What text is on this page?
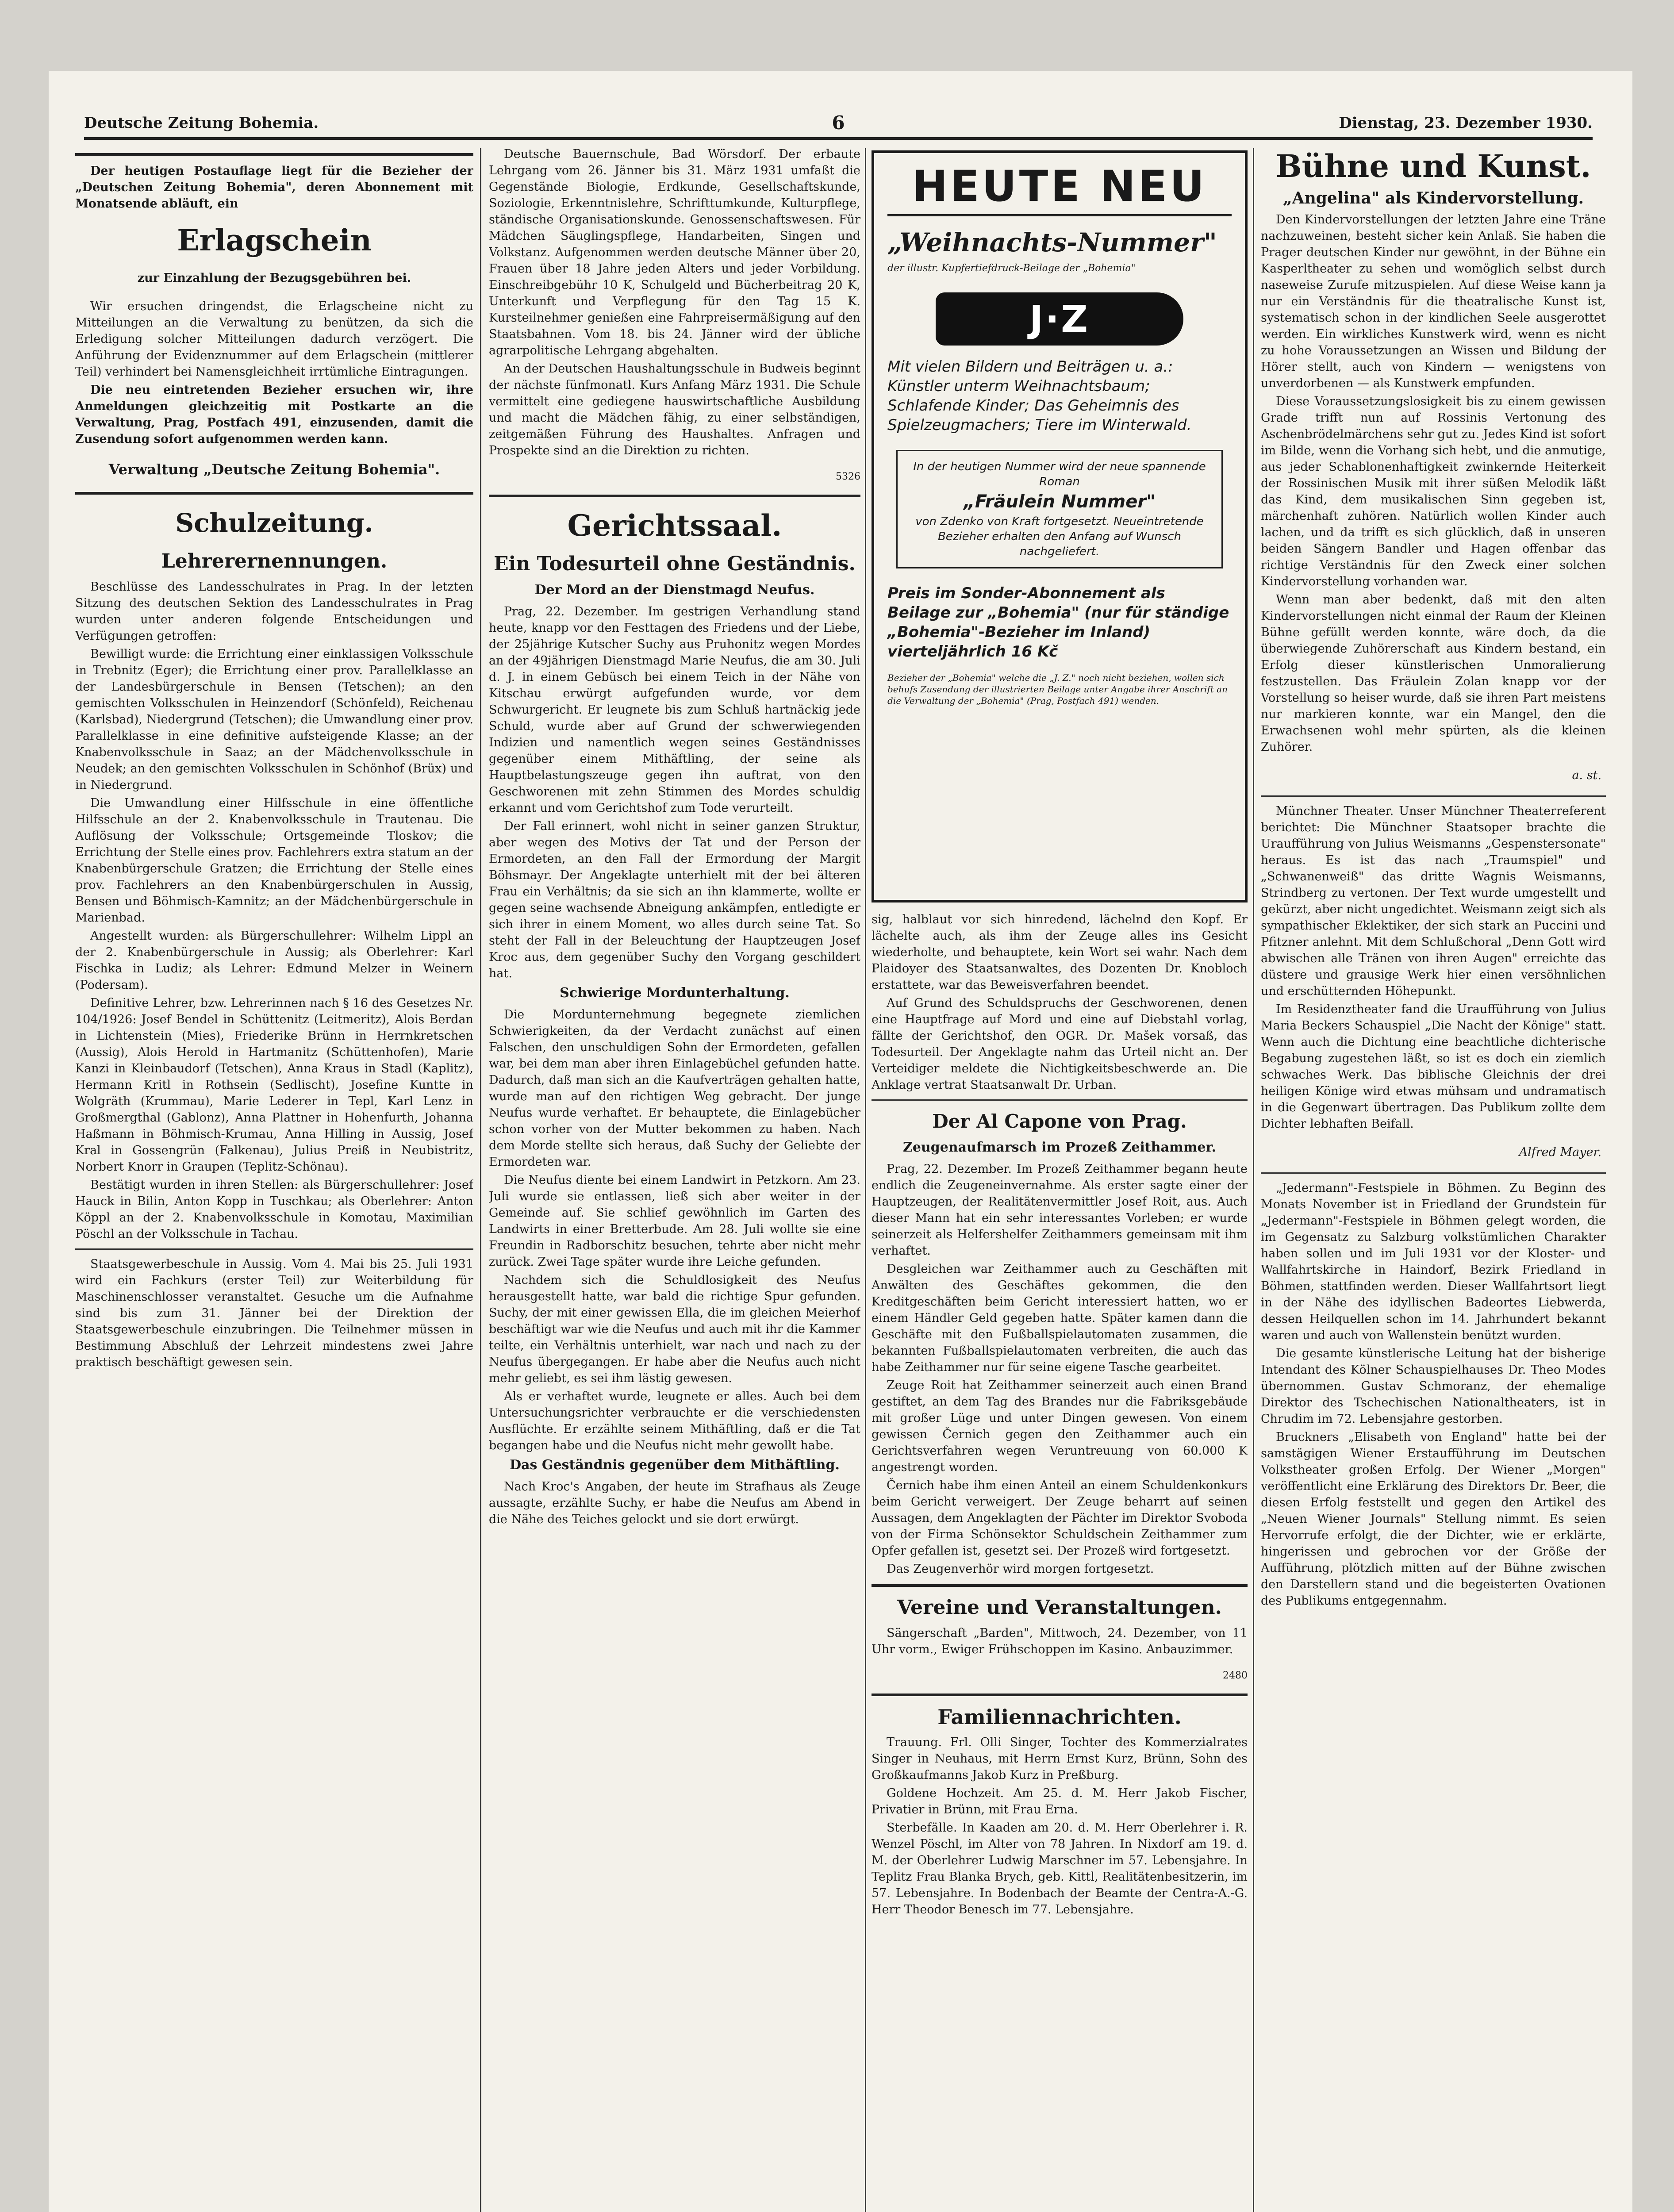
Deutsche Zeitung Bohemia.	6	Dienstag, 23. Dezember 1930.

Der heutigen Postauflage liegt für die Bezieher der „Deutschen Zeitung Bohemia", deren Abonnement mit Monatsende abläuft, ein

Erlagschein

zur Einzahlung der Bezugsgebühren bei.

Wir ersuchen dringendst, die Erlagscheine nicht zu Mitteilungen an die Verwaltung zu benützen, da sich die Erledigung solcher Mitteilungen dadurch verzögert. Die Anführung der Evidenznummer auf dem Erlagschein (mittlerer Teil) verhindert bei Namensgleichheit irrtümliche Eintragungen.

Die neu eintretenden Bezieher ersuchen wir, ihre Anmeldungen gleichzeitig mit Postkarte an die Verwaltung, Prag, Postfach 491, einzusenden, damit die Zusendung sofort aufgenommen werden kann.

Verwaltung „Deutsche Zeitung Bohemia".

Schulzeitung.
Lehrerernennungen.

Beschlüsse des Landesschulrates in Prag. In der letzten Sitzung des deutschen Sektion des Landesschulrates in Prag wurden unter anderen folgende Entscheidungen und Verfügungen getroffen:

Bewilligt wurde: die Errichtung einer einklassigen Volksschule in Trebnitz (Eger); die Errichtung einer prov. Parallelklasse an der Landesbürgerschule in Bensen (Tetschen); an den gemischten Volksschulen in Heinzendorf (Schönfeld), Reichenau (Karlsbad), Niedergrund (Tetschen); die Umwandlung einer prov. Parallelklasse in eine definitive aufsteigende Klasse; an der Knabenvolksschule in Saaz; an der Mädchenvolksschule in Neudek; an den gemischten Volksschulen in Schönhof (Brüx) und in Niedergrund.

Die Umwandlung einer Hilfsschule in eine öffentliche Hilfsschule an der 2. Knabenvolksschule in Trautenau. Die Auflösung der Volksschule; Ortsgemeinde Tloskov; die Errichtung der Stelle eines prov. Fachlehrers extra statum an der Knabenbürgerschule Gratzen; die Errichtung der Stelle eines prov. Fachlehrers an den Knabenbürgerschulen in Aussig, Bensen und Böhmisch-Kamnitz; an der Mädchenbürgerschule in Marienbad.

Angestellt wurden: als Bürgerschullehrer: Wilhelm Lippl an der 2. Knabenbürgerschule in Aussig; als Oberlehrer: Karl Fischka in Ludiz; als Lehrer: Edmund Melzer in Weinern (Podersam).

Definitive Lehrer, bzw. Lehrerinnen nach § 16 des Gesetzes Nr. 104/1926: Josef Bendel in Schüttenitz (Leitmeritz), Alois Berdan in Lichtenstein (Mies), Friederike Brünn in Herrnkretschen (Aussig), Alois Herold in Hartmanitz (Schüttenhofen), Marie Kanzi in Kleinbaudorf (Tetschen), Anna Kraus in Stadl (Kaplitz), Hermann Kritl in Rothsein (Sedlischt), Josefine Kuntte in Wolgräth (Krummau), Marie Lederer in Tepl, Karl Lenz in Großmergthal (Gablonz), Anna Plattner in Hohenfurth, Johanna Haßmann in Böhmisch-Krumau, Anna Hilling in Aussig, Josef Kral in Gossengrün (Falkenau), Julius Preiß in Neubistritz, Norbert Knorr in Graupen (Teplitz-Schönau).

Bestätigt wurden in ihren Stellen: als Bürgerschullehrer: Josef Hauck in Bilin, Anton Kopp in Tuschkau; als Oberlehrer: Anton Köppl an der 2. Knabenvolksschule in Komotau, Maximilian Pöschl an der Volksschule in Tachau.

Staatsgewerbeschule in Aussig. Vom 4. Mai bis 25. Juli 1931 wird ein Fachkurs (erster Teil) zur Weiterbildung für Maschinenschlosser veranstaltet. Gesuche um die Aufnahme sind bis zum 31. Jänner bei der Direktion der Staatsgewerbeschule einzubringen. Die Teilnehmer müssen in Bestimmung Abschluß der Lehrzeit mindestens zwei Jahre praktisch beschäftigt gewesen sein.

Deutsche Bauernschule, Bad Wörsdorf. Der erbaute Lehrgang vom 26. Jänner bis 31. März 1931 umfaßt die Gegenstände Biologie, Erdkunde, Gesellschaftskunde, Soziologie, Erkenntnislehre, Schrifttumkunde, Kulturpflege, ständische Organisationskunde. Genossenschaftswesen. Für Mädchen Säuglingspflege, Handarbeiten, Singen und Volkstanz. Aufgenommen werden deutsche Männer über 20, Frauen über 18 Jahre jeden Alters und jeder Vorbildung. Einschreibgebühr 10 K, Schulgeld und Bücherbeitrag 20 K, Unterkunft und Verpflegung für den Tag 15 K. Kursteilnehmer genießen eine Fahrpreisermäßigung auf den Staatsbahnen. Vom 18. bis 24. Jänner wird der übliche agrarpolitische Lehrgang abgehalten.

An der Deutschen Haushaltungsschule in Budweis beginnt der nächste fünfmonatl. Kurs Anfang März 1931. Die Schule vermittelt eine gediegene hauswirtschaftliche Ausbildung und macht die Mädchen fähig, zu einer selbständigen, zeitgemäßen Führung des Haushaltes. Anfragen und Prospekte sind an die Direktion zu richten.

5326

Gerichtssaal.
Ein Todesurteil ohne Geständnis.
Der Mord an der Dienstmagd Neufus.

Prag, 22. Dezember. Im gestrigen Verhandlung stand heute, knapp vor den Festtagen des Friedens und der Liebe, der 25jährige Kutscher Suchy aus Pruhonitz wegen Mordes an der 49jährigen Dienstmagd Marie Neufus, die am 30. Juli d. J. in einem Gebüsch bei einem Teich in der Nähe von Kitschau erwürgt aufgefunden wurde, vor dem Schwurgericht. Er leugnete bis zum Schluß hartnäckig jede Schuld, wurde aber auf Grund der schwerwiegenden Indizien und namentlich wegen seines Geständnisses gegenüber einem Mithäftling, der seine als Hauptbelastungszeuge gegen ihn auftrat, von den Geschworenen mit zehn Stimmen des Mordes schuldig erkannt und vom Gerichtshof zum Tode verurteilt.

Der Fall erinnert, wohl nicht in seiner ganzen Struktur, aber wegen des Motivs der Tat und der Person der Ermordeten, an den Fall der Ermordung der Margit Böhsmayr. Der Angeklagte unterhielt mit der bei älteren Frau ein Verhältnis; da sie sich an ihn klammerte, wollte er gegen seine wachsende Abneigung ankämpfen, entledigte er sich ihrer in einem Moment, wo alles durch seine Tat. So steht der Fall in der Beleuchtung der Hauptzeugen Josef Kroc aus, dem gegenüber Suchy den Vorgang geschildert hat.

Schwierige Mordunterhaltung.

Die Mordunternehmung begegnete ziemlichen Schwierigkeiten, da der Verdacht zunächst auf einen Falschen, den unschuldigen Sohn der Ermordeten, gefallen war, bei dem man aber ihren Einlagebüchel gefunden hatte. Dadurch, daß man sich an die Kaufverträgen gehalten hatte, wurde man auf den richtigen Weg gebracht. Der junge Neufus wurde verhaftet. Er behauptete, die Einlagebücher schon vorher von der Mutter bekommen zu haben. Nach dem Morde stellte sich heraus, daß Suchy der Geliebte der Ermordeten war.

Die Neufus diente bei einem Landwirt in Petzkorn. Am 23. Juli wurde sie entlassen, ließ sich aber weiter in der Gemeinde auf. Sie schlief gewöhnlich im Garten des Landwirts in einer Bretterbude. Am 28. Juli wollte sie eine Freundin in Radborschitz besuchen, tehrte aber nicht mehr zurück. Zwei Tage später wurde ihre Leiche gefunden.

Nachdem sich die Schuldlosigkeit des Neufus herausgestellt hatte, war bald die richtige Spur gefunden. Suchy, der mit einer gewissen Ella, die im gleichen Meierhof beschäftigt war wie die Neufus und auch mit ihr die Kammer teilte, ein Verhältnis unterhielt, war nach und nach zu der Neufus übergegangen. Er habe aber die Neufus auch nicht mehr geliebt, es sei ihm lästig gewesen.

Als er verhaftet wurde, leugnete er alles. Auch bei dem Untersuchungsrichter verbrauchte er die verschiedensten Ausflüchte. Er erzählte seinem Mithäftling, daß er die Tat begangen habe und die Neufus nicht mehr gewollt habe.

Das Geständnis gegenüber dem Mithäftling.

Nach Kroc's Angaben, der heute im Strafhaus als Zeuge aussagte, erzählte Suchy, er habe die Neufus am Abend in die Nähe des Teiches gelockt und sie dort erwürgt.

HEUTE NEU
„Weihnachts-Nummer"
der illustr. Kupfertiefdruck-Beilage der „Bohemia"
J·Z
Mit vielen Bildern und Beiträgen u. a.: Künstler unterm Weihnachtsbaum; Schlafende Kinder; Das Geheimnis des Spielzeugmachers; Tiere im Winterwald.
In der heutigen Nummer wird der neue spannende Roman
„Fräulein Nummer"
von Zdenko von Kraft fortgesetzt. Neueintretende Bezieher erhalten den Anfang auf Wunsch nachgeliefert.
Preis im Sonder-Abonnement als Beilage zur „Bohemia" (nur für ständige „Bohemia"-Bezieher im Inland) vierteljährlich 16 Kč
Bezieher der „Bohemia" welche die „J. Z." noch nicht beziehen, wollen sich behufs Zusendung der illustrierten Beilage unter Angabe ihrer Anschrift an die Verwaltung der „Bohemia" (Prag, Postfach 491) wenden.

sig, halblaut vor sich hinredend, lächelnd den Kopf. Er lächelte auch, als ihm der Zeuge alles ins Gesicht wiederholte, und behauptete, kein Wort sei wahr. Nach dem Plaidoyer des Staatsanwaltes, des Dozenten Dr. Knobloch erstattete, war das Beweisverfahren beendet.

Auf Grund des Schuldspruchs der Geschworenen, denen eine Hauptfrage auf Mord und eine auf Diebstahl vorlag, fällte der Gerichtshof, den OGR. Dr. Mašek vorsaß, das Todesurteil. Der Angeklagte nahm das Urteil nicht an. Der Verteidiger meldete die Nichtigkeitsbeschwerde an. Die Anklage vertrat Staatsanwalt Dr. Urban.

Der Al Capone von Prag.
Zeugenaufmarsch im Prozeß Zeithammer.

Prag, 22. Dezember. Im Prozeß Zeithammer begann heute endlich die Zeugeneinvernahme. Als erster sagte einer der Hauptzeugen, der Realitätenvermittler Josef Roit, aus. Auch dieser Mann hat ein sehr interessantes Vorleben; er wurde seinerzeit als Helfershelfer Zeithammers gemeinsam mit ihm verhaftet.

Desgleichen war Zeithammer auch zu Geschäften mit Anwälten des Geschäftes gekommen, die den Kreditgeschäften beim Gericht interessiert hatten, wo er einem Händler Geld gegeben hatte. Später kamen dann die Geschäfte mit den Fußballspielautomaten zusammen, die bekannten Fußballspielautomaten verbreiten, die auch das habe Zeithammer nur für seine eigene Tasche gearbeitet.

Zeuge Roit hat Zeithammer seinerzeit auch einen Brand gestiftet, an dem Tag des Brandes nur die Fabriksgebäude mit großer Lüge und unter Dingen gewesen. Von einem gewissen Černich gegen den Zeithammer auch ein Gerichtsverfahren wegen Veruntreuung von 60.000 K angestrengt worden.

Černich habe ihm einen Anteil an einem Schuldenkonkurs beim Gericht verweigert. Der Zeuge beharrt auf seinen Aussagen, dem Angeklagten der Pächter im Direktor Svoboda von der Firma Schönsektor Schuldschein Zeithammer zum Opfer gefallen ist, gesetzt sei. Der Prozeß wird fortgesetzt.

Das Zeugenverhör wird morgen fortgesetzt.

Vereine und Veranstaltungen.

Sängerschaft „Barden", Mittwoch, 24. Dezember, von 11 Uhr vorm., Ewiger Frühschoppen im Kasino. Anbauzimmer.

2480

Familiennachrichten.

Trauung. Frl. Olli Singer, Tochter des Kommerzialrates Singer in Neuhaus, mit Herrn Ernst Kurz, Brünn, Sohn des Großkaufmanns Jakob Kurz in Preßburg.

Goldene Hochzeit. Am 25. d. M. Herr Jakob Fischer, Privatier in Brünn, mit Frau Erna.

Sterbefälle. In Kaaden am 20. d. M. Herr Oberlehrer i. R. Wenzel Pöschl, im Alter von 78 Jahren. In Nixdorf am 19. d. M. der Oberlehrer Ludwig Marschner im 57. Lebensjahre. In Teplitz Frau Blanka Brych, geb. Kittl, Realitätenbesitzerin, im 57. Lebensjahre. In Bodenbach der Beamte der Centra-A.-G. Herr Theodor Benesch im 77. Lebensjahre.

Bühne und Kunst.
„Angelina" als Kindervorstellung.

Den Kindervorstellungen der letzten Jahre eine Träne nachzuweinen, besteht sicher kein Anlaß. Sie haben die Prager deutschen Kinder nur gewöhnt, in der Bühne ein Kasperltheater zu sehen und womöglich selbst durch naseweise Zurufe mitzuspielen. Auf diese Weise kann ja nur ein Verständnis für die theatralische Kunst ist, systematisch schon in der kindlichen Seele ausgerottet werden. Ein wirkliches Kunstwerk wird, wenn es nicht zu hohe Voraussetzungen an Wissen und Bildung der Hörer stellt, auch von Kindern — wenigstens von unverdorbenen — als Kunstwerk empfunden.

Diese Voraussetzungslosigkeit bis zu einem gewissen Grade trifft nun auf Rossinis Vertonung des Aschenbrödelmärchens sehr gut zu. Jedes Kind ist sofort im Bilde, wenn die Vorhang sich hebt, und die anmutige, aus jeder Schablonenhaftigkeit zwinkernde Heiterkeit der Rossinischen Musik mit ihrer süßen Melodik läßt das Kind, dem musikalischen Sinn gegeben ist, märchenhaft zuhören. Natürlich wollen Kinder auch lachen, und da trifft es sich glücklich, daß in unseren beiden Sängern Bandler und Hagen offenbar das richtige Verständnis für den Zweck einer solchen Kindervorstellung vorhanden war.

Wenn man aber bedenkt, daß mit den alten Kindervorstellungen nicht einmal der Raum der Kleinen Bühne gefüllt werden konnte, wäre doch, da die überwiegende Zuhörerschaft aus Kindern bestand, ein Erfolg dieser künstlerischen Unmoralierung festzustellen. Das Fräulein Zolan knapp vor der Vorstellung so heiser wurde, daß sie ihren Part meistens nur markieren konnte, war ein Mangel, den die Erwachsenen wohl mehr spürten, als die kleinen Zuhörer.

a. st.

Münchner Theater. Unser Münchner Theaterreferent berichtet: Die Münchner Staatsoper brachte die Uraufführung von Julius Weismanns „Gespenstersonate" heraus. Es ist das nach „Traumspiel" und „Schwanenweiß" das dritte Wagnis Weismanns, Strindberg zu vertonen. Der Text wurde umgestellt und gekürzt, aber nicht ungedichtet. Weismann zeigt sich als sympathischer Eklektiker, der sich stark an Puccini und Pfitzner anlehnt. Mit dem Schlußchoral „Denn Gott wird abwischen alle Tränen von ihren Augen" erreichte das düstere und grausige Werk hier einen versöhnlichen und erschütternden Höhepunkt.

Im Residenztheater fand die Uraufführung von Julius Maria Beckers Schauspiel „Die Nacht der Könige" statt. Wenn auch die Dichtung eine beachtliche dichterische Begabung zugestehen läßt, so ist es doch ein ziemlich schwaches Werk. Das biblische Gleichnis der drei heiligen Könige wird etwas mühsam und undramatisch in die Gegenwart übertragen. Das Publikum zollte dem Dichter lebhaften Beifall.

Alfred Mayer.

„Jedermann"-Festspiele in Böhmen. Zu Beginn des Monats November ist in Friedland der Grundstein für „Jedermann"-Festspiele in Böhmen gelegt worden, die im Gegensatz zu Salzburg volkstümlichen Charakter haben sollen und im Juli 1931 vor der Kloster- und Wallfahrtskirche in Haindorf, Bezirk Friedland in Böhmen, stattfinden werden. Dieser Wallfahrtsort liegt in der Nähe des idyllischen Badeortes Liebwerda, dessen Heilquellen schon im 14. Jahrhundert bekannt waren und auch von Wallenstein benützt wurden.

Die gesamte künstlerische Leitung hat der bisherige Intendant des Kölner Schauspielhauses Dr. Theo Modes übernommen. Gustav Schmoranz, der ehemalige Direktor des Tschechischen Nationaltheaters, ist in Chrudim im 72. Lebensjahre gestorben.

Bruckners „Elisabeth von England" hatte bei der samstägigen Wiener Erstaufführung im Deutschen Volkstheater großen Erfolg. Der Wiener „Morgen" veröffentlicht eine Erklärung des Direktors Dr. Beer, die diesen Erfolg feststellt und gegen den Artikel des „Neuen Wiener Journals" Stellung nimmt. Es seien Hervorrufe erfolgt, die der Dichter, wie er erklärte, hingerissen und gebrochen vor der Größe der Aufführung, plötzlich mitten auf der Bühne zwischen den Darstellern stand und die begeisterten Ovationen des Publikums entgegennahm.
